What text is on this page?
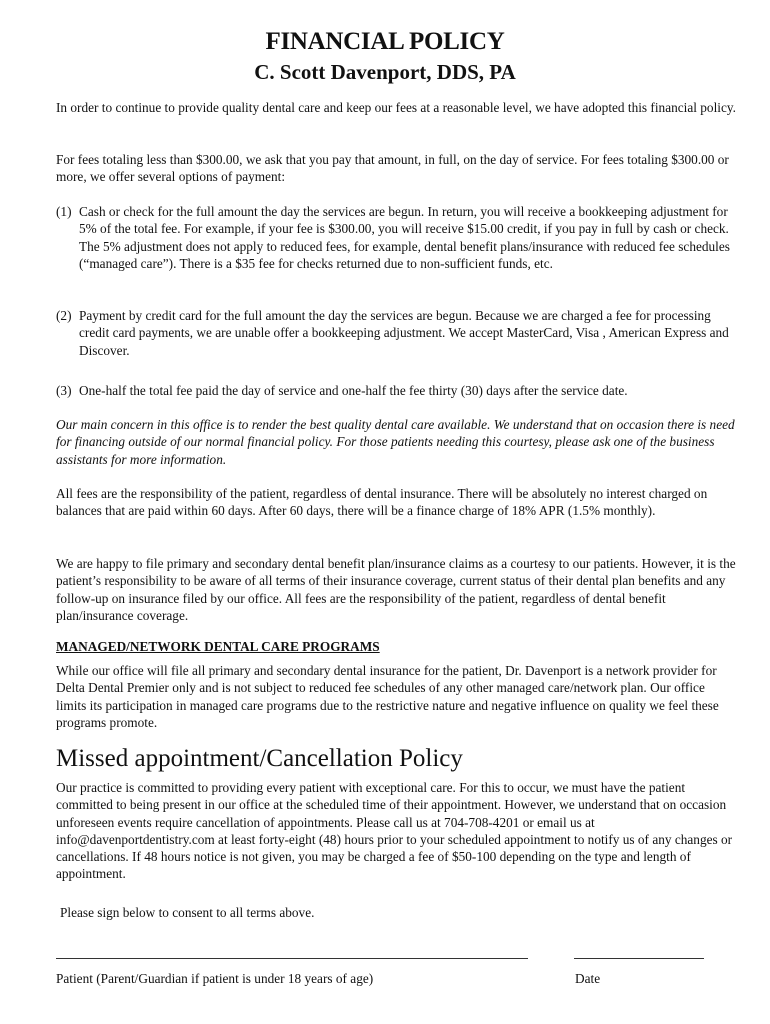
FINANCIAL POLICY
C. Scott Davenport, DDS, PA

In order to continue to provide quality dental care and keep our fees at a reasonable level, we have adopted this financial policy.

For fees totaling less than $300.00, we ask that you pay that amount, in full, on the day of service. For fees totaling $300.00 or more, we offer several options of payment:

(1) Cash or check for the full amount the day the services are begun. In return, you will receive a bookkeeping adjustment for 5% of the total fee. For example, if your fee is $300.00, you will receive $15.00 credit, if you pay in full by cash or check. The 5% adjustment does not apply to reduced fees, for example, dental benefit plans/insurance with reduced fee schedules (“managed care”). There is a $35 fee for checks returned due to non-sufficient funds, etc.
(2) Payment by credit card for the full amount the day the services are begun. Because we are charged a fee for processing credit card payments, we are unable offer a bookkeeping adjustment. We accept MasterCard, Visa , American Express and Discover.
(3) One-half the total fee paid the day of service and one-half the fee thirty (30) days after the service date.

Our main concern in this office is to render the best quality dental care available. We understand that on occasion there is need for financing outside of our normal financial policy. For those patients needing this courtesy, please ask one of the business assistants for more information.

All fees are the responsibility of the patient, regardless of dental insurance. There will be absolutely no interest charged on balances that are paid within 60 days. After 60 days, there will be a finance charge of 18% APR (1.5% monthly).

We are happy to file primary and secondary dental benefit plan/insurance claims as a courtesy to our patients. However, it is the patient’s responsibility to be aware of all terms of their insurance coverage, current status of their dental plan benefits and any follow-up on insurance filed by our office. All fees are the responsibility of the patient, regardless of dental benefit plan/insurance coverage.

MANAGED/NETWORK DENTAL CARE PROGRAMS

While our office will file all primary and secondary dental insurance for the patient, Dr. Davenport is a network provider for Delta Dental Premier only and is not subject to reduced fee schedules of any other managed care/network plan. Our office limits its participation in managed care programs due to the restrictive nature and negative influence on quality we feel these programs promote.

Missed appointment/Cancellation Policy

Our practice is committed to providing every patient with exceptional care. For this to occur, we must have the patient committed to being present in our office at the scheduled time of their appointment. However, we understand that on occasion unforeseen events require cancellation of appointments. Please call us at 704-708-4201 or email us at info@davenportdentistry.com at least forty-eight (48) hours prior to your scheduled appointment to notify us of any changes or cancellations. If 48 hours notice is not given, you may be charged a fee of $50-100 depending on the type and length of appointment.

Please sign below to consent to all terms above.

Patient (Parent/Guardian if patient is under 18 years of age)	Date
